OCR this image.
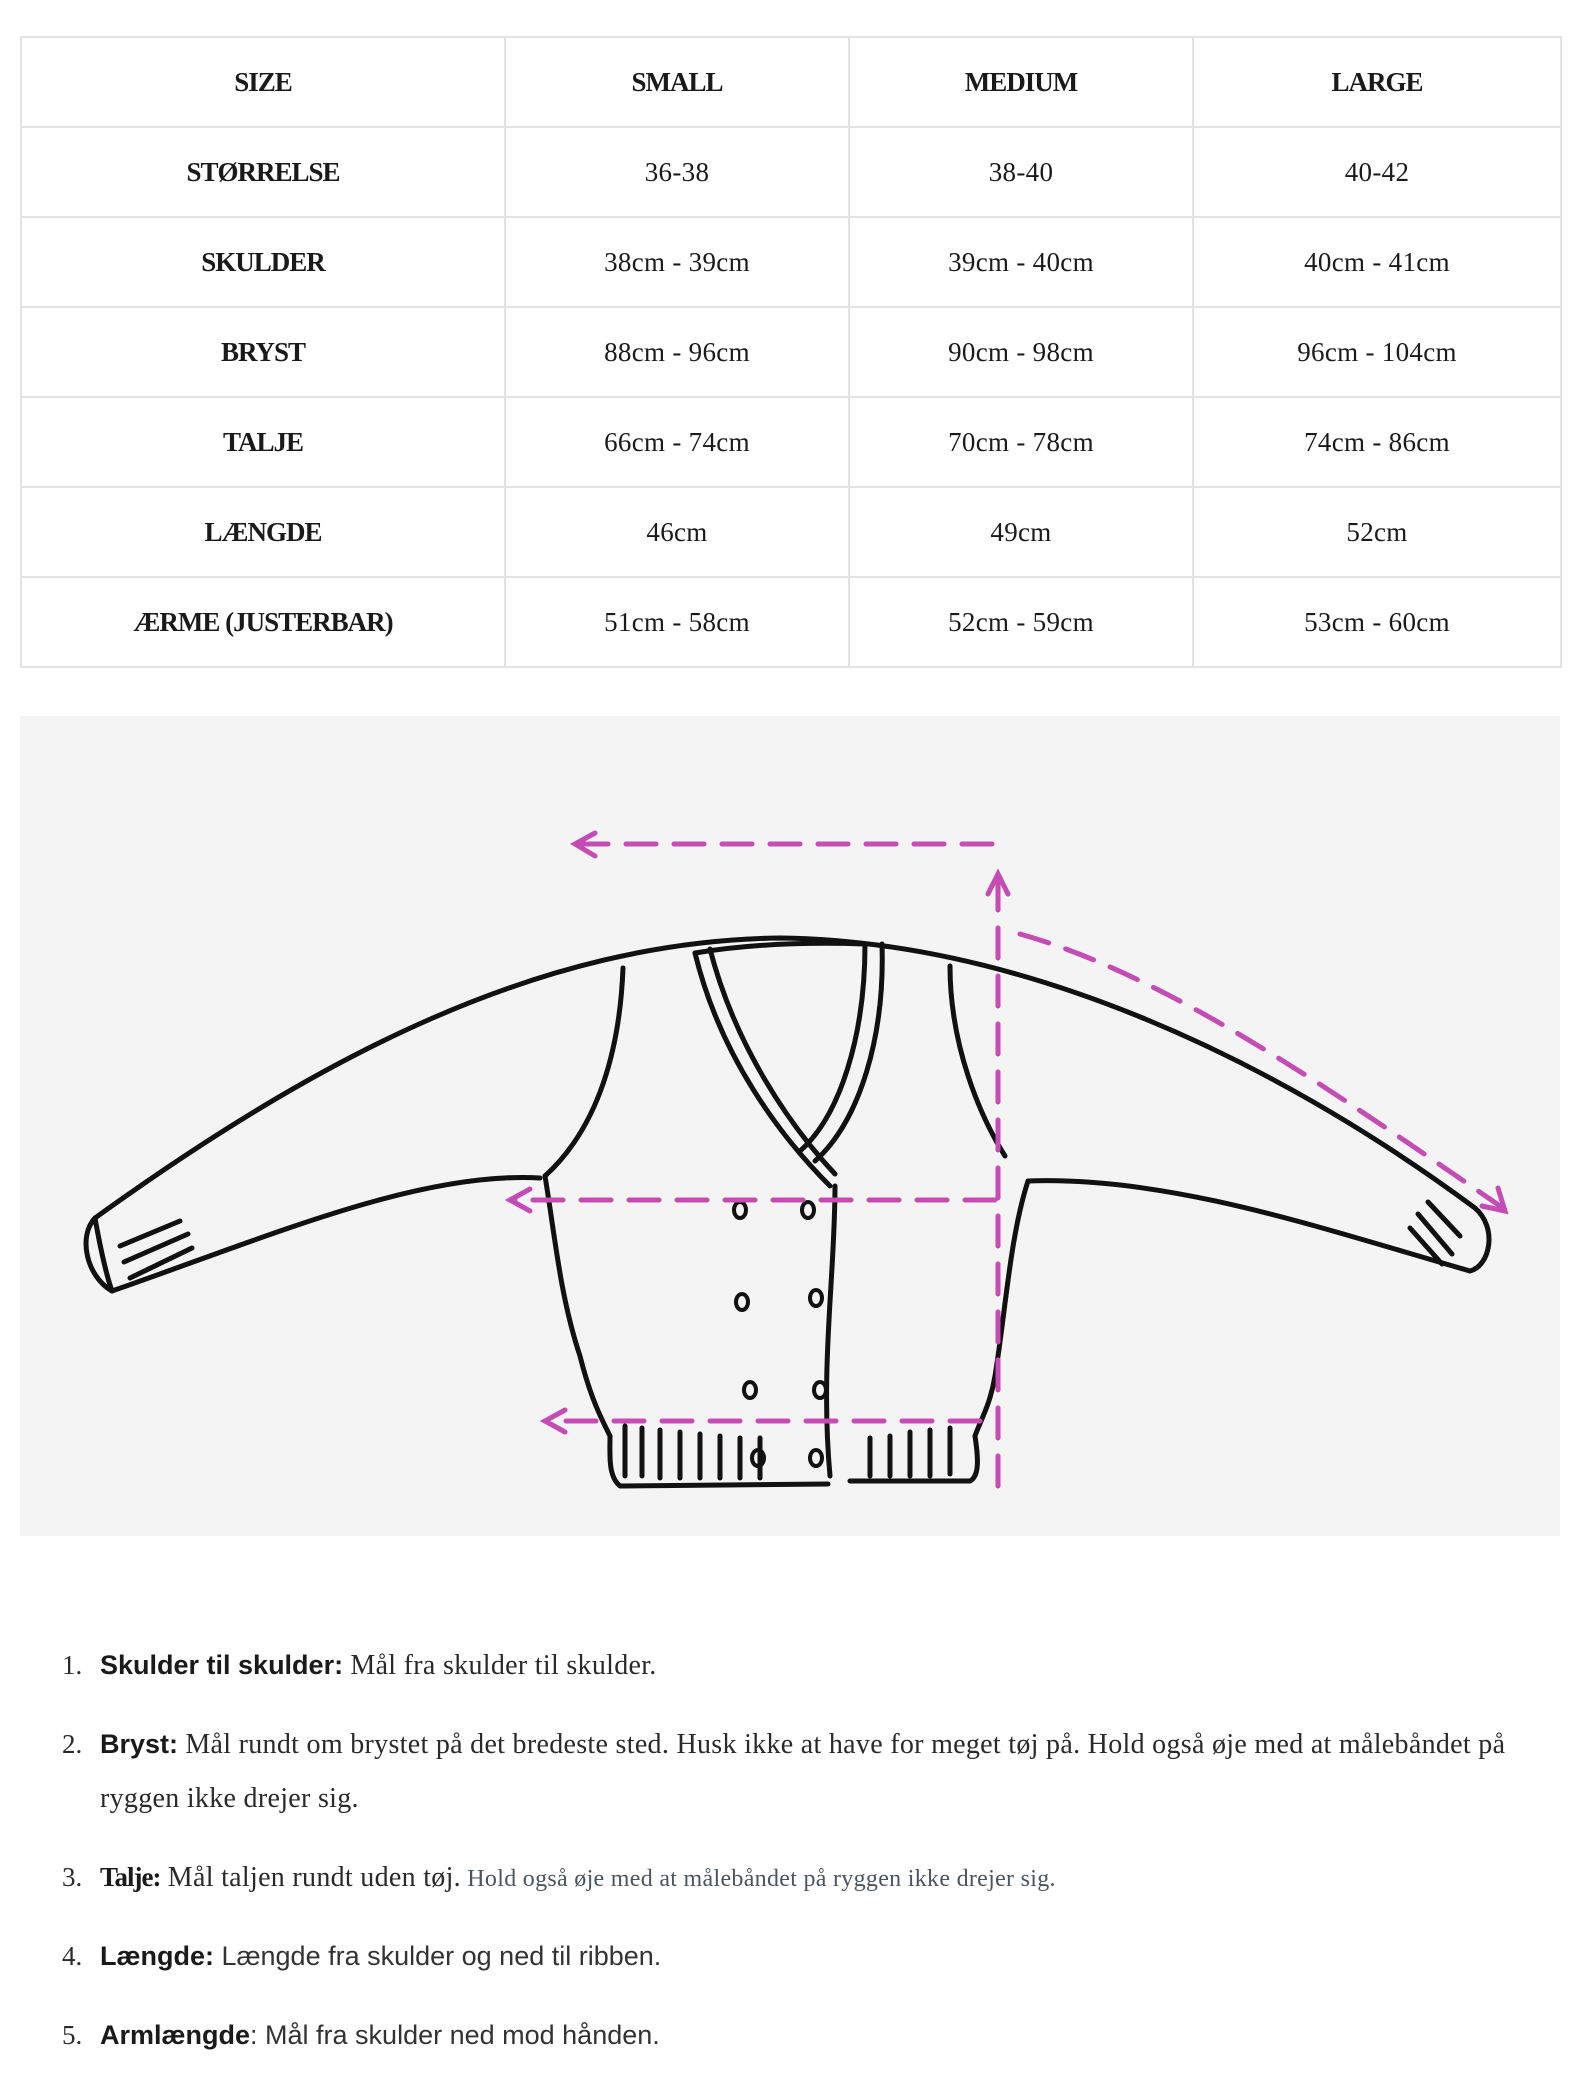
SIZE	SMALL	MEDIUM	LARGE
STØRRELSE	36-38	38-40	40-42
SKULDER	38cm - 39cm	39cm - 40cm	40cm - 41cm
BRYST	88cm - 96cm	90cm - 98cm	96cm - 104cm
TALJE	66cm - 74cm	70cm - 78cm	74cm - 86cm
LÆNGDE	46cm	49cm	52cm
ÆRME (JUSTERBAR)	51cm - 58cm	52cm - 59cm	53cm - 60cm
1. Skulder til skulder: Mål fra skulder til skulder.
2. Bryst: Mål rundt om brystet på det bredeste sted. Husk ikke at have for meget tøj på. Hold også øje med at målebåndet på ryggen ikke drejer sig.
3. Talje: Mål taljen rundt uden tøj. Hold også øje med at målebåndet på ryggen ikke drejer sig.
4. Længde: Længde fra skulder og ned til ribben.
5. Armlængde: Mål fra skulder ned mod hånden.
